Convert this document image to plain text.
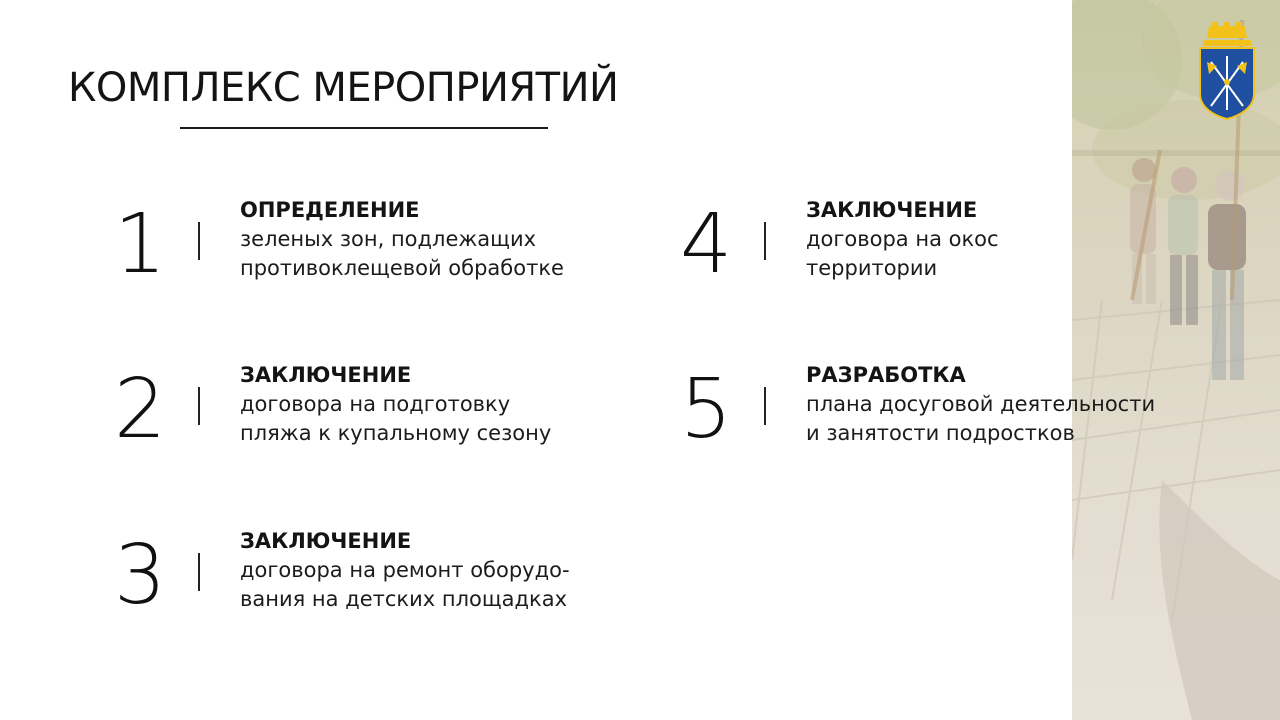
КОМПЛЕКС МЕРОПРИЯТИЙ
1	ОПРЕДЕЛЕНИЕ
зеленых зон, подлежащих
противоклещевой обработке
2	ЗАКЛЮЧЕНИЕ
договора на подготовку
пляжа к купальному сезону
3	ЗАКЛЮЧЕНИЕ
договора на ремонт оборудо-
вания на детских площадках
4	ЗАКЛЮЧЕНИЕ
договора на окос
территории
5	РАЗРАБОТКА
плана досуговой деятельности
и занятости подростков
